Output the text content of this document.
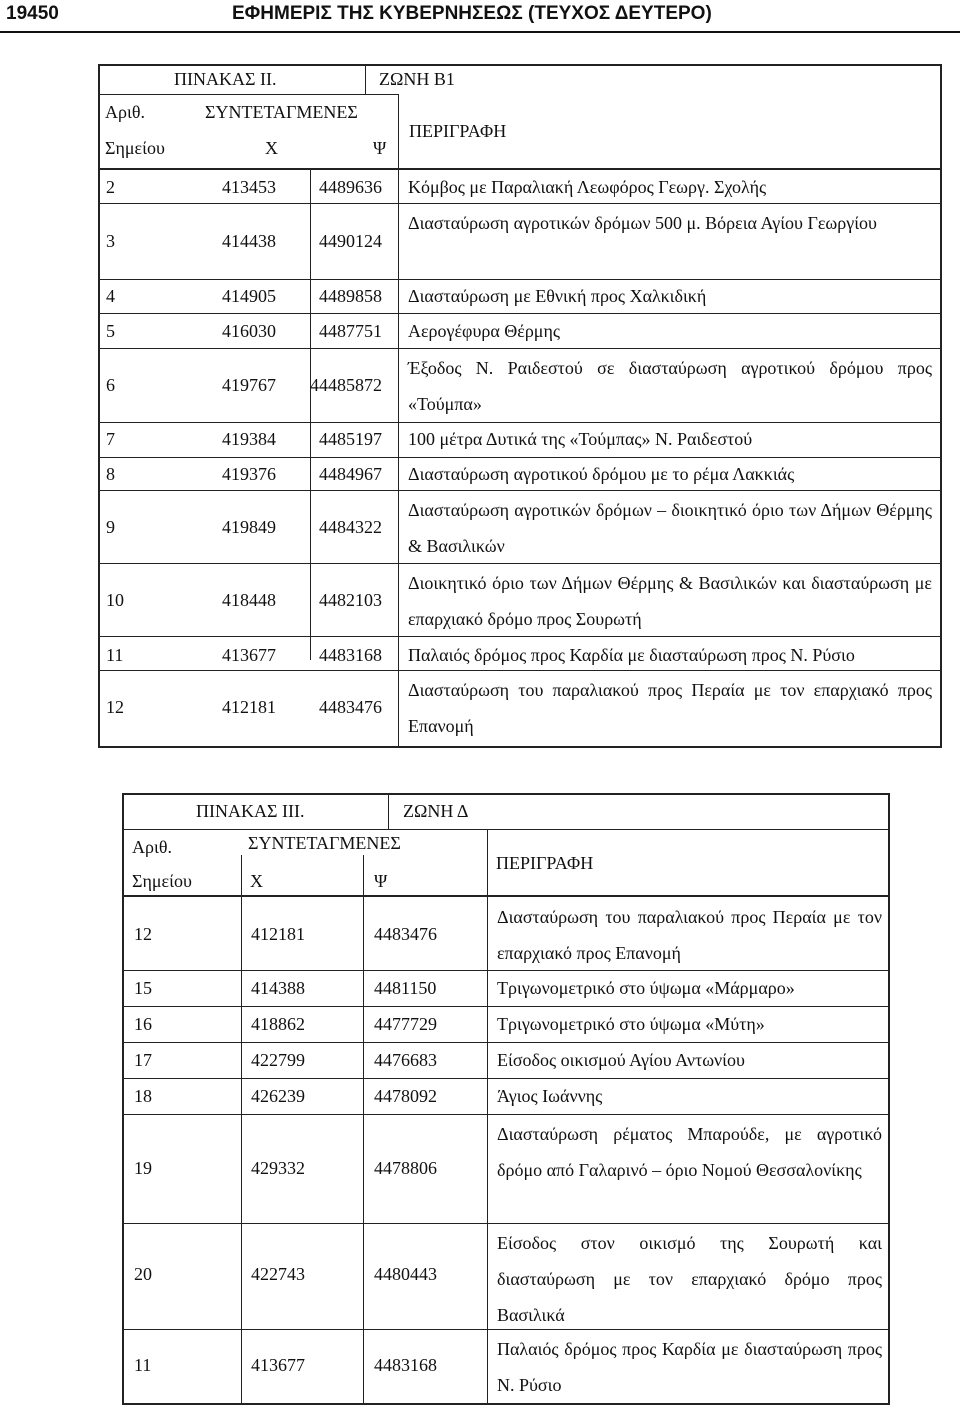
19450	ΕΦΗΜΕΡΙΣ ΤΗΣ ΚΥΒΕΡΝΗΣΕΩΣ (ΤΕΥΧΟΣ ΔΕΥΤΕΡΟ)
ΠΙΝΑΚΑΣ ΙΙ.	ΖΩΝΗ Β1
Αριθ.
Σημείου
ΣΥΝΤΕΤΑΓΜΕΝΕΣ
Χ	Ψ
ΠΕΡΙΓΡΑΦΗ
2	413453 4489636 Κόμβος με Παραλιακή Λεωφόρος Γεωργ. Σχολής
3	414438 4490124
Διασταύρωση αγροτικών δρόμων 500 μ. Βόρεια Αγίου Γεωργίου
4	414905 4489858 Διασταύρωση με Εθνική προς Χαλκιδική
5	416030 4487751 Αερογέφυρα Θέρμης
6	419767 44485872
Έξοδος Ν. Ραιδεστού σε διασταύρωση αγροτικού δρόμου προς «Τούμπα»
7	419384 4485197 100 μέτρα Δυτικά της «Τούμπας» Ν. Ραιδεστού
8	419376 4484967 Διασταύρωση αγροτικού δρόμου με το ρέμα Λακκιάς
9	419849 4484322
Διασταύρωση αγροτικών δρόμων – διοικητικό όριο των Δήμων Θέρμης & Βασιλικών
10	418448 4482103
Διοικητικό όριο των Δήμων Θέρμης & Βασιλικών και διασταύρωση με επαρχιακό δρόμο προς Σουρωτή
11	413677 4483168 Παλαιός δρόμος προς Καρδία με διασταύρωση προς Ν. Ρύσιο
12	412181 4483476
Διασταύρωση του παραλιακού προς Περαία με τον επαρχιακό προς Επανομή
ΠΙΝΑΚΑΣ ΙΙΙ.	ΖΩΝΗ Δ
Αριθ.
Σημείου
ΣΥΝΤΕΤΑΓΜΕΝΕΣ
Χ	Ψ
ΠΕΡΙΓΡΑΦΗ
12	412181	4483476
Διασταύρωση του παραλιακού προς Περαία με τον επαρχιακό προς Επανομή
15	414388	4481150	Τριγωνομετρικό στο ύψωμα «Μάρμαρο»
16	418862	4477729	Τριγωνομετρικό στο ύψωμα «Μύτη»
17	422799	4476683	Είσοδος οικισμού Αγίου Αντωνίου
18	426239	4478092	Άγιος Ιωάννης
19	429332	4478806
Διασταύρωση ρέματος Μπαρούδε, με αγροτικό δρόμο από Γαλαρινό – όριο Νομού Θεσσαλονίκης
20	422743	4480443
Είσοδος στον οικισμό της Σουρωτή και διασταύρωση με τον επαρχιακό δρόμο προς Βασιλικά
11	413677	4483168
Παλαιός δρόμος προς Καρδία με διασταύρωση προς Ν. Ρύσιο
